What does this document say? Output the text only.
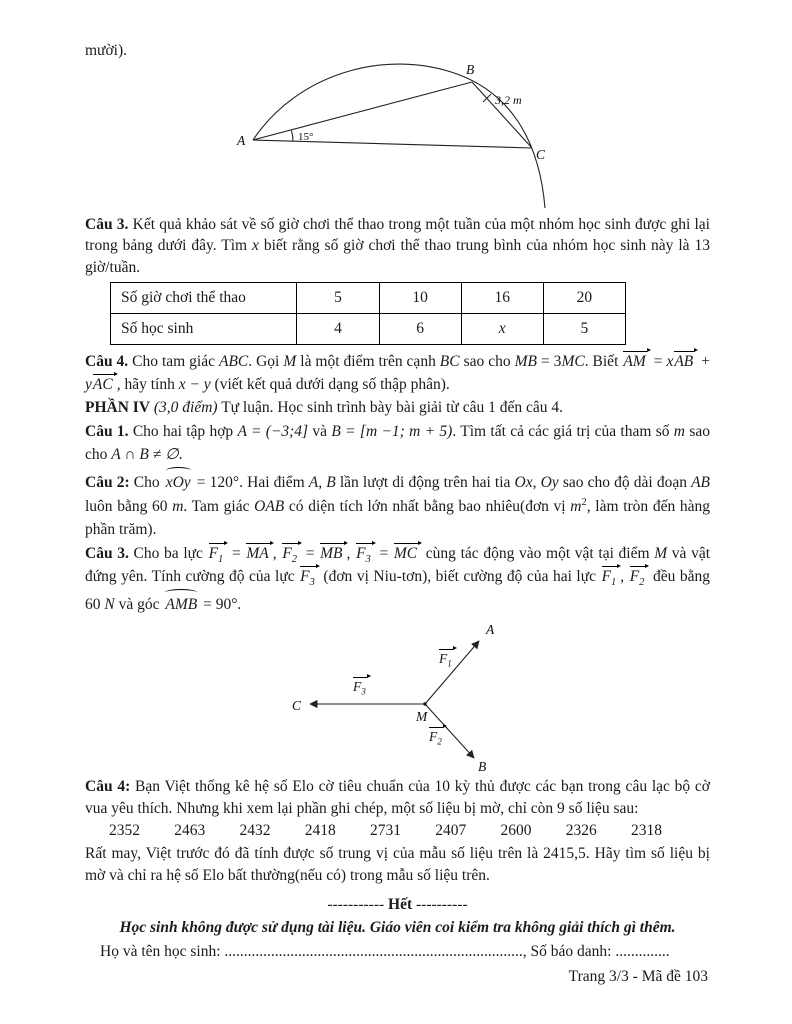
mười).

A
B
C
15°
3,2 m

Câu 3. Kết quả khảo sát về số giờ chơi thể thao trong một tuần của một nhóm học sinh được ghi lại trong bảng dưới đây. Tìm x biết rằng số giờ chơi thể thao trung bình của nhóm học sinh này là 13 giờ/tuần.

Số giờ chơi thể thao	5	10	16	20
Số học sinh	4	6	x	5

Câu 4. Cho tam giác ABC. Gọi M là một điểm trên cạnh BC sao cho MB = 3MC. Biết AM = xAB + yAC , hãy tính x − y (viết kết quả dưới dạng số thập phân).

PHẦN IV (3,0 điểm) Tự luận. Học sinh trình bày bài giải từ câu 1 đến câu 4.

Câu 1. Cho hai tập hợp A = (−3;4] và B = [m −1; m + 5). Tìm tất cả các giá trị của tham số m sao cho A ∩ B ≠ ∅.

Câu 2: Cho xOy = 120°. Hai điểm A, B lần lượt di động trên hai tia Ox, Oy sao cho độ dài đoạn AB luôn bằng 60 m. Tam giác OAB có diện tích lớn nhất bằng bao nhiêu(đơn vị $m^2$, làm tròn đến hàng phần trăm).

Câu 3. Cho ba lực $F_1$ = MA , $F_2$ = MB , $F_3$ = MC cùng tác động vào một vật tại điểm M và vật đứng yên. Tính cường độ của lực $F_3$ (đơn vị Niu-tơn), biết cường độ của hai lực $F_1$ , $F_2$ đều bằng 60 N và góc AMB = 90°.

A
B
C
M
$F_1$
$F_3$
$F_2$

Câu 4: Bạn Việt thống kê hệ số Elo cờ tiêu chuẩn của 10 kỳ thủ được các bạn trong câu lạc bộ cờ vua yêu thích. Nhưng khi xem lại phần ghi chép, một số liệu bị mờ, chỉ còn 9 số liệu sau:

2352 2463 2432 2418 2731 2407 2600 2326 2318

Rất may, Việt trước đó đã tính được số trung vị của mẫu số liệu trên là 2415,5. Hãy tìm số liệu bị mờ và chỉ ra hệ số Elo bất thường(nếu có) trong mẫu số liệu trên.

----------- Hết ----------

Học sinh không được sử dụng tài liệu. Giáo viên coi kiểm tra không giải thích gì thêm.

Họ và tên học sinh: ............................................................................., Số báo danh: ..............

Trang 3/3 - Mã đề 103
